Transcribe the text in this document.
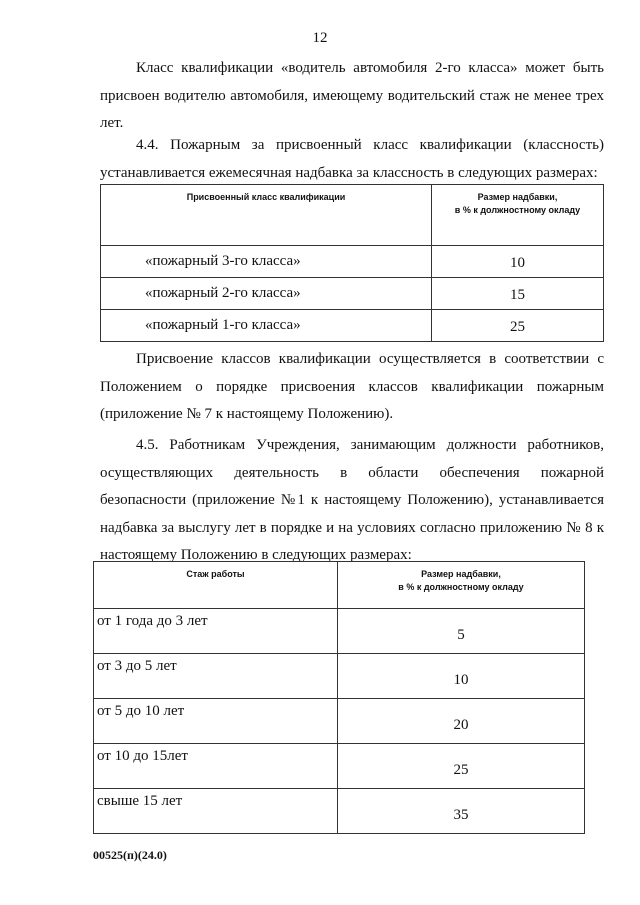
12

Класс квалификации «водитель автомобиля 2-го класса» может быть присвоен водителю автомобиля, имеющему водительский стаж не менее трех лет.

4.4. Пожарным за присвоенный класс квалификации (классность) устанавливается ежемесячная надбавка за классность в следующих размерах:

Присвоенный класс квалификации	Размер надбавки,
в % к должностному окладу
«пожарный 3-го класса»	10
«пожарный 2-го класса»	15
«пожарный 1-го класса»	25

Присвоение классов квалификации осуществляется в соответствии с Положением о порядке присвоения классов квалификации пожарным (приложение № 7 к настоящему Положению).

4.5. Работникам Учреждения, занимающим должности работников, осуществляющих деятельность в области обеспечения пожарной безопасности (приложение №1 к настоящему Положению), устанавливается надбавка за выслугу лет в порядке и на условиях согласно приложению № 8 к настоящему Положению в следующих размерах:

Стаж работы	Размер надбавки,
в % к должностному окладу
от 1 года до 3 лет	5
от 3 до 5 лет	10
от 5 до 10 лет	20
от 10 до 15лет	25
свыше 15 лет	35
00525(п)(24.0)
